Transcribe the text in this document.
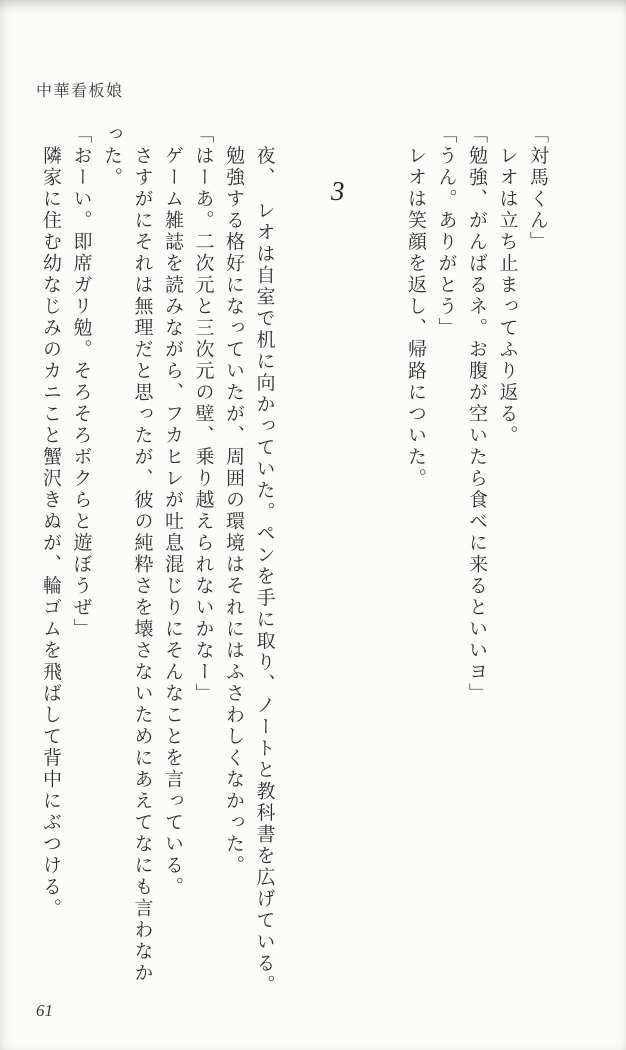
中華看板娘
「対馬くん」
　レオは立ち止まってふり返る。
「勉強、がんばるネ。お腹が空いたら食べに来るといいヨ」
「うん。ありがとう」
　レオは笑顔を返し、帰路についた。
3
　夜、　レオは自室で机に向かっていた。ペンを手に取り、ノートと教科書を広げている。
　勉強する格好になっていたが、周囲の環境はそれにはふさわしくなかった。
「はーあ。二次元と三次元の壁、乗り越えられないかなー」
　ゲーム雑誌を読みながら、フカヒレが吐息混じりにそんなことを言っている。
　さすがにそれは無理だと思ったが、彼の純粋さを壊さないためにあえてなにも言わなか
った。
「おーい。即席ガリ勉。そろそろボクらと遊ぼうぜ」
　隣家に住む幼なじみのカニこと蟹沢きぬが、輪ゴムを飛ばして背中にぶつける。
61
